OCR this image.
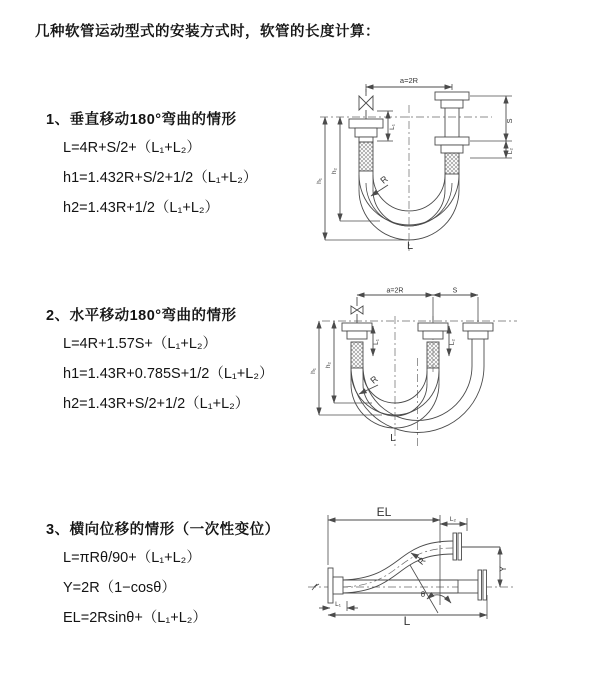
几种软管运动型式的安装方式时，软管的长度计算：
1、垂直移动180°弯曲的情形
L=4R+S/2+（L₁+L₂）
h1=1.432R+S/2+1/2（L₁+L₂）
h2=1.43R+1/2（L₁+L₂）
2、水平移动180°弯曲的情形
L=4R+1.57S+（L₁+L₂）
h1=1.43R+0.785S+1/2（L₁+L₂）
h2=1.43R+S/2+1/2（L₁+L₂）
3、横向位移的情形（一次性变位）
L=πRθ/90+（L₁+L₂）
Y=2R（1−cosθ）
EL=2Rsinθ+（L₁+L₂）
a=2R
S
L₂
h₁
h₂
L₁
R
L
a=2R	S
h₁
h₂
L₁	L₂
R
L
EL
L₂
Y
θ
R
L₁
L
